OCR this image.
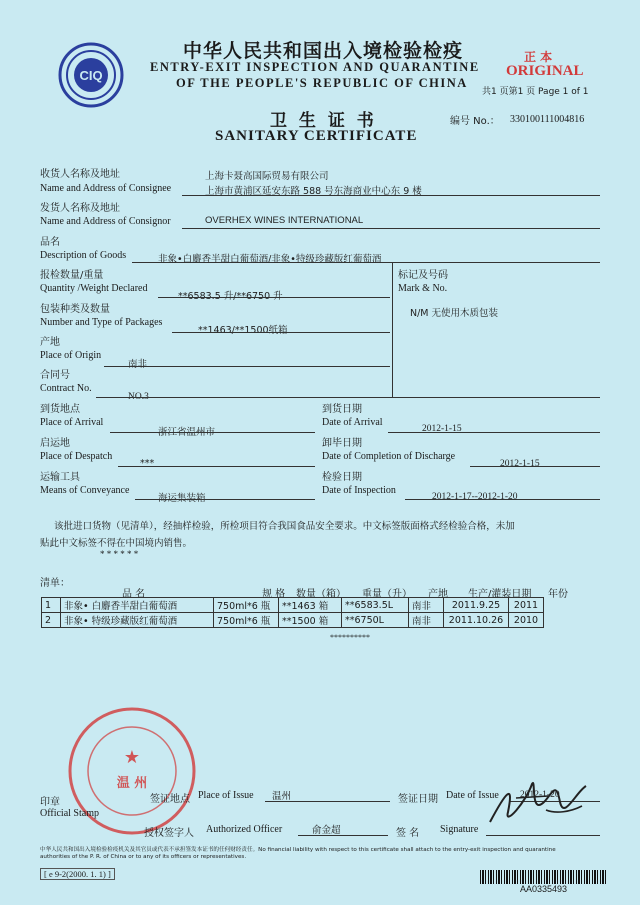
CIQ
中华人民共和国出入境检验检疫
ENTRY-EXIT INSPECTION AND QUARANTINE
OF THE PEOPLE'S REPUBLIC OF CHINA
正 本
ORIGINAL
共1 页第1 页 Page 1 of 1
卫 生 证 书
SANITARY CERTIFICATE
编号 No.： 330100111004816
收货人名称及地址	上海卡聂高国际贸易有限公司
Name and Address of Consignee	上海市黄浦区延安东路 588 号东海商业中心东 9 楼
发货人名称及地址
Name and Address of Consignor	OVERHEX WINES INTERNATIONAL
品名
Description of Goods	非象•白麝香半甜白葡萄酒/非象•特级珍藏版红葡萄酒
报检数量/重量
Quantity /Weight Declared
**6583.5 升/**6750 升
标记及号码
Mark & No.
N/M 无使用木质包装
包装种类及数量
Number and Type of Packages
**1463/**1500纸箱
产地
Place of Origin
南非
合同号
Contract No.
NO.3
到货地点
Place of Arrival
浙江省温州市
到货日期
Date of Arrival
2012-1-15
启运地
Place of Despatch
***
卸毕日期
Date of Completion of Discharge
2012-1-15
运输工具
Means of Conveyance
海运集装箱
检验日期
Date of Inspection
2012-1-17--2012-1-20
该批进口货物（见清单），经抽样检验，所检项目符合我国食品安全要求。中文标签版面格式经检验合格，未加
贴此中文标签不得在中国境内销售。
* * * * * *
清单：
品 名	规 格 数量（箱） 重量（升） 产地 生产/灌装日期 年份
1	非象• 白麝香半甜白葡萄酒	750ml*6 瓶	**1463 箱	**6583.5L	南非	2011.9.25	2011
2	非象• 特级珍藏版红葡萄酒	750ml*6 瓶	**1500 箱	**6750L	南非	2011.10.26	2010
**********
★
温 州
印章
Official Stamp
签证地点 Place of Issue 温州	签证日期 Date of Issue 2012-1-20
授权签字人 Authorized Officer	俞金超	签 名 Signature
中华人民共和国出入境检验检疫机关及其官员或代表不承担签发本证书的任何财经责任。No financial liability with respect to this certificate shall attach to the entry-exit inspection and quarantine
authorities of the P. R. of China or to any of its officers or representatives.
[ e 9-2(2000. 1. 1) ]
AA0335493
